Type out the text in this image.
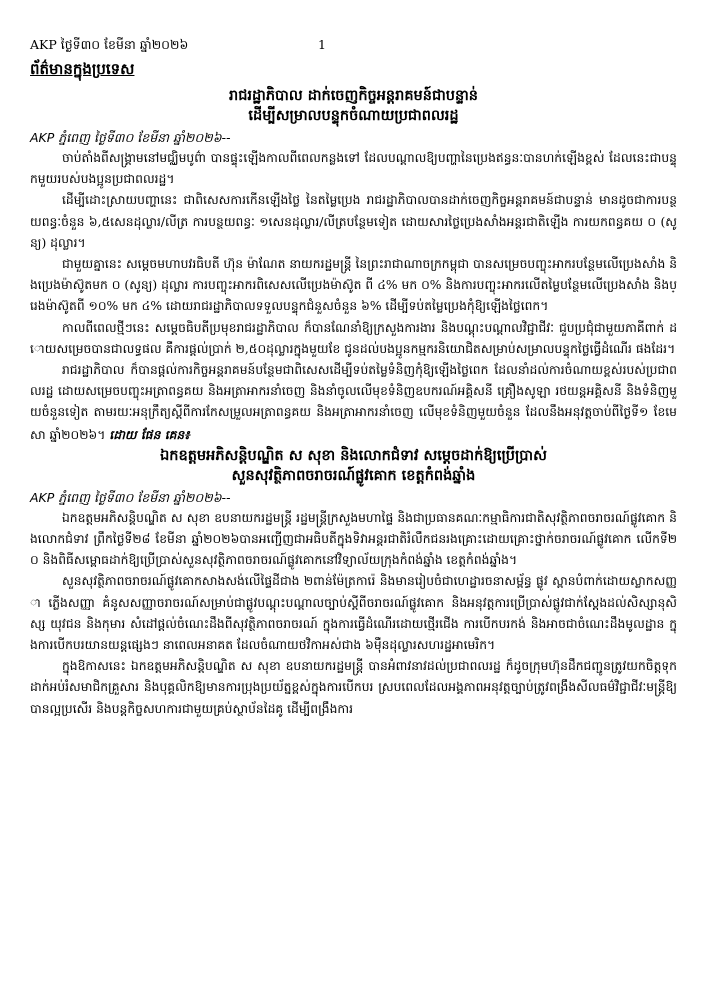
AKP ថ្ងៃទី៣០ ខែមីនា ឆ្នាំ២០២៦	1
ព័ត៌មានក្នុងប្រទេស

រាជរដ្ឋាភិបាល ដាក់ចេញកិច្ចអន្តរាគមន៍ជាបន្ទាន់

ដើម្បីសម្រាលបន្ទុកចំណាយប្រជាពលរដ្ឋ

AKP ភ្នំពេញ ថ្ងៃទី៣០ ខែមីនា ឆ្នាំ២០២៦--

ចាប់តាំងពីសង្គ្រាមនៅមជ្ឈិមបូព៌ា បានផ្ទុះឡើងកាលពីពេលកន្លងទៅ ដែលបណ្តាលឱ្យបញ្ហានៃប្រេងឥន្ធនៈបានហក់ឡើងខ្ពស់ ដែលនេះជាបន្ទុកមួយរបស់បងប្អូនប្រជាពលរដ្ឋ។

ដើម្បីដោះស្រាយបញ្ហានេះ ជាពិសេសការកើនឡើងថ្លៃ នៃតម្លៃប្រេង រាជរដ្ឋាភិបាលបានដាក់ចេញកិច្ចអន្តរាគមន៍ជាបន្ទាន់ មានដូចជាការបន្ថយពន្ធៈចំនួន ៦,៥សេនដុល្លារ/លីត្រ ការបន្ថយពន្ធៈ ១សេនដុល្លារ/លីត្របន្ថែមទៀត ដោយសារថ្លៃប្រេងសាំងអន្តរជាតិឡើង ការយកពន្ធគយ ០ (សូន្យ) ដុល្លារ។

ជាមួយគ្នានេះ សម្តេចមហាបវរធិបតី ហ៊ុន ម៉ាណែត នាយករដ្ឋមន្ត្រី នៃព្រះរាជាណាចក្រកម្ពុជា បានសម្រេចបញ្ចុះអាករបន្ថែមលើប្រេងសាំង និងប្រេងម៉ាស៊ូតមក ០ (សូន្យ) ដុល្លារ ការបញ្ចុះអាករពិសេសលើប្រេងម៉ាស៊ូត ពី ៤% មក ០% និងការបញ្ចុះអាករលើតម្លៃបន្ថែមលើប្រេងសាំង និងប្រេងម៉ាស៊ូតពី ១០% មក ៤% ដោយរាជរដ្ឋាភិបាលទទួលបន្ទុកជំនួសចំនួន ៦% ដើម្បីទប់តម្លៃប្រេងកុំឱ្យឡើងថ្លៃពេក។

កាលពីពេលថ្មីៗនេះ សម្តេចធិបតីប្រមុខរាជរដ្ឋាភិបាល ក៏បានណែនាំឱ្យក្រសួងការងារ និងបណ្តុះបណ្តាលវិជ្ជាជីវៈ ជួបប្រជុំជាមួយភាគីពាក់ ដោយសម្រេចបានជាលទ្ធផល គឺការផ្តល់ប្រាក់ ២,៥០ដុល្លារក្នុងមួយខែ ជូនដល់បងប្អូនកម្មករនិយោជិតសម្រាប់សម្រាលបន្ទុកថ្លៃធ្វើដំណើរ ផងដែរ។

រាជរដ្ឋាភិបាល ក៏បានផ្តល់ការកិច្ចអន្តរាគមន៍បន្ថែមជាពិសេសដើម្បីទប់តម្លៃទំនិញកុំឱ្យឡើងថ្លៃពេក ដែលនាំដល់ការចំណាយខ្ពស់របស់ប្រជាពលរដ្ឋ ដោយសម្រេចបញ្ចុះអត្រាពន្ធគយ និងអត្រាអាករនាំចេញ និងនាំចូលលើមុខទំនិញឧបករណ៍អគ្គិសនី គ្រឿងសូឡា រថយន្តអគ្គិសនី និងទំនិញមួយចំនួនទៀត តាមរយៈអនុក្រឹត្យស្តីពីការកែសម្រួលអត្រាពន្ធគយ និងអត្រាអាករនាំចេញ លើមុខទំនិញមួយចំនួន ដែលនឹងអនុវត្តចាប់ពីថ្ងៃទី១ ខែមេសា ឆ្នាំ២០២៦។ ដោយ ផែន គេន៖

ឯកឧត្តមអភិសន្តិបណ្ឌិត ស សុខា និងលោកជំទាវ សម្តេចដាក់ឱ្យប្រើប្រាស់

សួនសុវត្ថិភាពចរាចរណ៍ផ្លូវគោក ខេត្តកំពង់ឆ្នាំង

AKP ភ្នំពេញ ថ្ងៃទី៣០ ខែមីនា ឆ្នាំ២០២៦--

ឯកឧត្តមអភិសន្តិបណ្ឌិត ស សុខា ឧបនាយករដ្ឋមន្ត្រី រដ្ឋមន្ត្រីក្រសួងមហាផ្ទៃ និងជាប្រធានគណៈកម្មាធិការជាតិសុវត្ថិភាពចរាចរណ៍ផ្លូវគោក និងលោកជំទាវ ព្រឹកថ្ងៃទី២៨ ខែមីនា ឆ្នាំ២០២៦បានអញ្ជើញជាអធិបតីក្នុងទិវាអន្តរជាតិរំលឹកជនរងគ្រោះដោយគ្រោះថ្នាក់ចរាចរណ៍ផ្លូវគោក លើកទី២០ និងពិធីសម្ពោធដាក់ឱ្យប្រើប្រាស់សួនសុវត្ថិភាពចរាចរណ៍ផ្លូវគោកនៅវិទ្យាល័យក្រុងកំពង់ឆ្នាំង ខេត្តកំពង់ឆ្នាំង។

សួនសុវត្ថិភាពចរាចរណ៍ផ្លូវគោកសាងសង់លើផ្ទៃដីជាង ២ពាន់ម៉ែត្រការ៉េ និងមានរៀបចំជាហេដ្ឋារចនាសម្ព័ន្ធ ផ្លូវ ស្ពានបំពាក់ដោយស្លាកសញ្ញា ភ្លើងសញ្ញា គំនូសសញ្ញាចរាចរណ៍សម្រាប់ជាផ្លូវបណ្តុះបណ្តាលច្បាប់ស្តីពីចរាចរណ៍ផ្លូវគោក និងអនុវត្តការប្រើប្រាស់ផ្លូវជាក់ស្តែងដល់សិស្សានុសិស្ស យុវជន និងកុមារ សំដៅផ្តល់ចំណេះដឹងពីសុវត្ថិភាពចរាចរណ៍ ក្នុងការធ្វើដំណើរដោយថ្មើរជើង ការបើកបរកង់ និងអាចជាចំណេះដឹងមូលដ្ឋាន ក្នុងការបើកបរយានយន្តផ្សេងៗ នាពេលអនាគត ដែលចំណាយថវិកាអស់ជាង ៦ម៉ឺនដុល្លារសហរដ្ឋអាមេរិក។

ក្នុងឱកាសនេះ ឯកឧត្តមអភិសន្តិបណ្ឌិត ស សុខា ឧបនាយករដ្ឋមន្ត្រី បានអំពាវនាវដល់ប្រជាពលរដ្ឋ ក៏ដូចក្រុមហ៊ុនដឹកជញ្ជូនត្រូវយកចិត្តទុកដាក់អប់រំសមាជិកគ្រួសារ និងបុគ្គលិកឱ្យមានការប្រុងប្រយ័ត្នខ្ពស់ក្នុងការបើកបរ ស្របពេលដែលអង្គភាពអនុវត្តច្បាប់ត្រូវពង្រឹងសីលធម៌វិជ្ជាជីវៈមន្ត្រីឱ្យបានល្អប្រសើរ និងបន្តកិច្ចសហការជាមួយគ្រប់ស្ថាប័នដៃគូ ដើម្បីពង្រឹងការ
